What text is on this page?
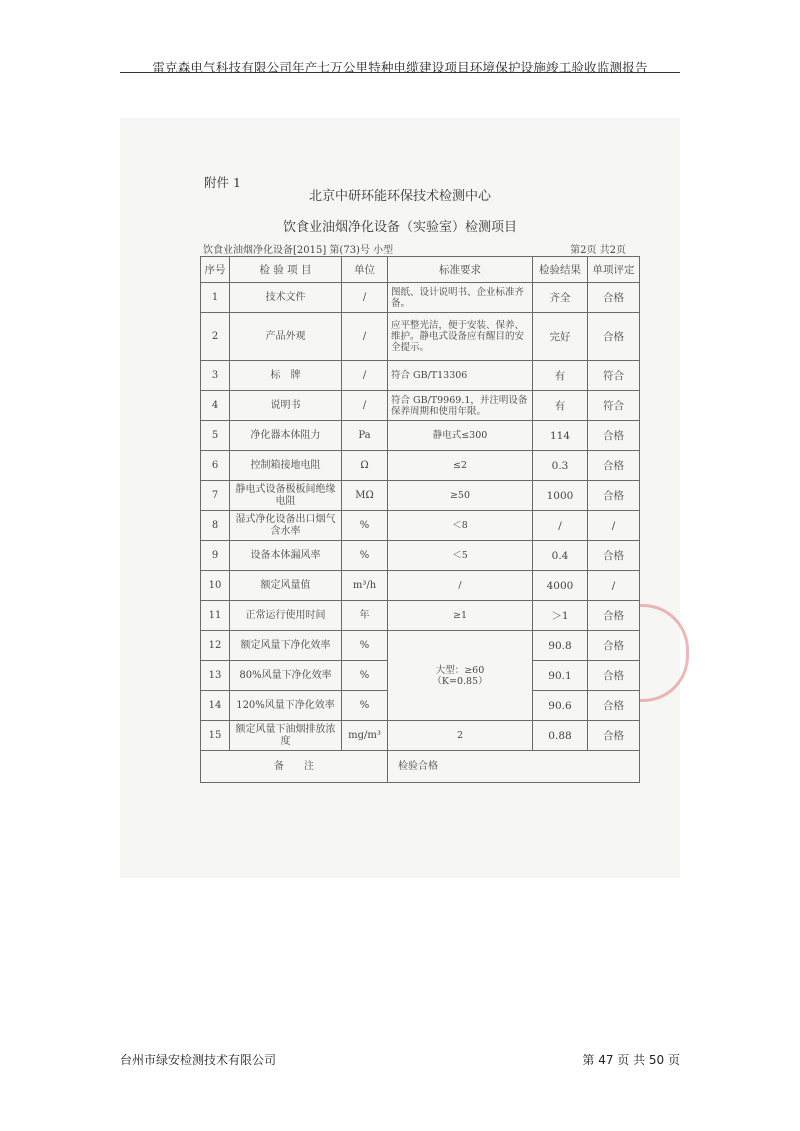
雷克森电气科技有限公司年产七万公里特种电缆建设项目环境保护设施竣工验收监测报告
附件 1
北京中研环能环保技术检测中心
饮食业油烟净化设备（实验室）检测项目
饮食业油烟净化设备[2015] 第(73)号 小型	第2页 共2页
序号	检 验 项 目	单位	标准要求	检验结果	单项评定
1	技术文件	/	图纸、设计说明书、企业标准齐备。	齐全	合格
2	产品外观	/	应平整光洁，便于安装、保养、维护。静电式设备应有醒目的安全提示。	完好	合格
3	标　牌	/	符合 GB/T13306	有	符合
4	说明书	/	符合 GB/T9969.1，并注明设备保养周期和使用年限。	有	符合
5	净化器本体阻力	Pa	静电式≤300	114	合格
6	控制箱接地电阻	Ω	≤2	0.3	合格
7	静电式设备极板间绝缘电阻	MΩ	≥50	1000	合格
8	湿式净化设备出口烟气含水率	%	＜8	/	/
9	设备本体漏风率	%	＜5	0.4	合格
10	额定风量值	m³/h	/	4000	/
11	正常运行使用时间	年	≥1	＞1	合格
12	额定风量下净化效率	%	大型：≥60
（K=0.85）	90.8	合格
13	80%风量下净化效率	%		90.1	合格
14	120%风量下净化效率	%		90.6	合格
15	额定风量下油烟排放浓度	mg/m³	2	0.88	合格
备　　注			检验合格		
台州市绿安检测技术有限公司	第 47 页 共 50 页
